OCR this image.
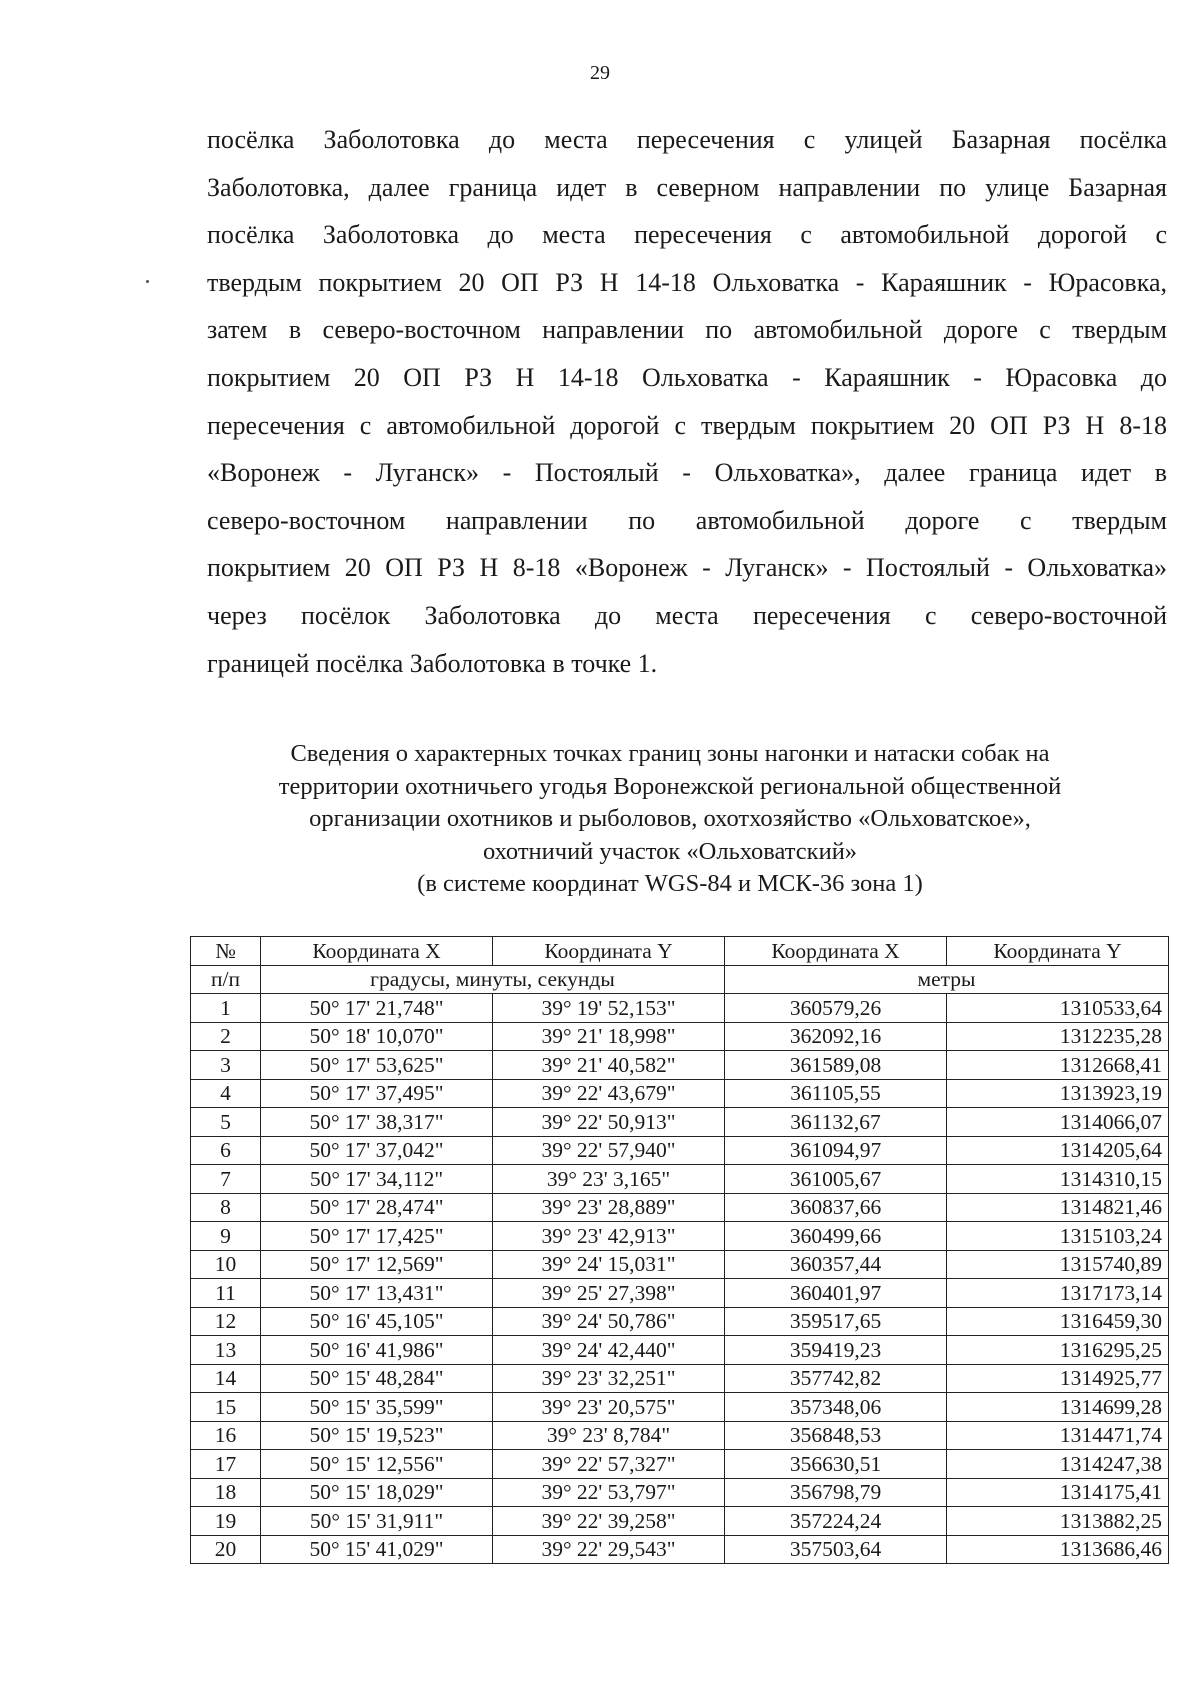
29
посёлка Заболотовка до места пересечения с улицей Базарная посёлка
Заболотовка, далее граница идет в северном направлении по улице Базарная
посёлка Заболотовка до места пересечения с автомобильной дорогой с
твердым покрытием 20 ОП РЗ Н 14-18 Ольховатка - Караяшник - Юрасовка,
затем в северо-восточном направлении по автомобильной дороге с твердым
покрытием 20 ОП РЗ Н 14-18 Ольховатка - Караяшник - Юрасовка до
пересечения с автомобильной дорогой с твердым покрытием 20 ОП РЗ Н 8-18
«Воронеж - Луганск» - Постоялый - Ольховатка», далее граница идет в
северо-восточном направлении по автомобильной дороге с твердым
покрытием 20 ОП РЗ Н 8-18 «Воронеж - Луганск» - Постоялый - Ольховатка»
через посёлок Заболотовка до места пересечения с северо-восточной
границей посёлка Заболотовка в точке 1.
Сведения о характерных точках границ зоны нагонки и натаски собак на
территории охотничьего угодья Воронежской региональной общественной
организации охотников и рыболовов, охотхозяйство «Ольховатское»,
охотничий участок «Ольховатский»
(в системе координат WGS-84 и МСК-36 зона 1)
№	Координата X	Координата Y	Координата X	Координата Y
п/п	градусы, минуты, секунды		метры	
1	50° 17' 21,748"	39° 19' 52,153"	360579,26	1310533,64
2	50° 18' 10,070"	39° 21' 18,998"	362092,16	1312235,28
3	50° 17' 53,625"	39° 21' 40,582"	361589,08	1312668,41
4	50° 17' 37,495"	39° 22' 43,679"	361105,55	1313923,19
5	50° 17' 38,317"	39° 22' 50,913"	361132,67	1314066,07
6	50° 17' 37,042"	39° 22' 57,940"	361094,97	1314205,64
7	50° 17' 34,112"	39° 23' 3,165"	361005,67	1314310,15
8	50° 17' 28,474"	39° 23' 28,889"	360837,66	1314821,46
9	50° 17' 17,425"	39° 23' 42,913"	360499,66	1315103,24
10	50° 17' 12,569"	39° 24' 15,031"	360357,44	1315740,89
11	50° 17' 13,431"	39° 25' 27,398"	360401,97	1317173,14
12	50° 16' 45,105"	39° 24' 50,786"	359517,65	1316459,30
13	50° 16' 41,986"	39° 24' 42,440"	359419,23	1316295,25
14	50° 15' 48,284"	39° 23' 32,251"	357742,82	1314925,77
15	50° 15' 35,599"	39° 23' 20,575"	357348,06	1314699,28
16	50° 15' 19,523"	39° 23' 8,784"	356848,53	1314471,74
17	50° 15' 12,556"	39° 22' 57,327"	356630,51	1314247,38
18	50° 15' 18,029"	39° 22' 53,797"	356798,79	1314175,41
19	50° 15' 31,911"	39° 22' 39,258"	357224,24	1313882,25
20	50° 15' 41,029"	39° 22' 29,543"	357503,64	1313686,46
